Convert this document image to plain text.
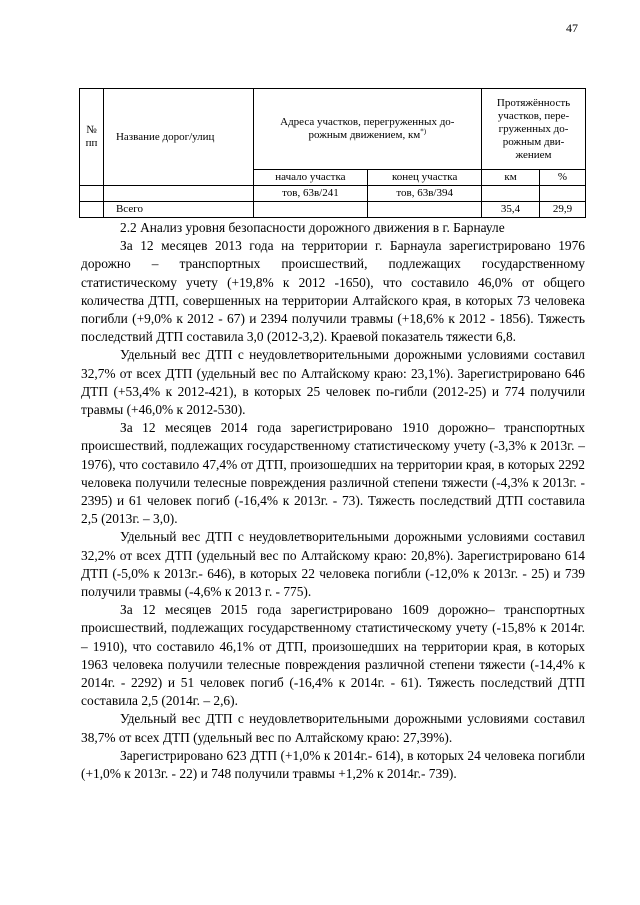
47
№ пп	Название дорог/улиц	Адреса участков, перегруженных до-рожным движением, км*)		Протяжённость участков, пере-груженных до-рожным дви-жением	
		начало участка	конец участка	км	%
		тов, 63в/241	тов, 63в/394		
	Всего			35,4	29,9

2.2 Анализ уровня безопасности дорожного движения в г. Барнауле

За 12 месяцев 2013 года на территории г. Барнаула зарегистрировано 1976 дорожно – транспортных происшествий, подлежащих государственному статистическому учету (+19,8% к 2012 -1650), что составило 46,0% от общего количества ДТП, совершенных на территории Алтайского края, в которых 73 человека погибли (+9,0% к 2012 - 67) и 2394 получили травмы (+18,6% к 2012 - 1856). Тяжесть последствий ДТП составила 3,0 (2012-3,2). Краевой показатель тяжести 6,8.

Удельный вес ДТП с неудовлетворительными дорожными условиями составил 32,7% от всех ДТП (удельный вес по Алтайскому краю: 23,1%). Зарегистрировано 646 ДТП (+53,4% к 2012-421), в которых 25 человек по-гибли (2012-25) и 774 получили травмы (+46,0% к 2012-530).

За 12 месяцев 2014 года зарегистрировано 1910 дорожно– транспортных происшествий, подлежащих государственному статистическому учету (-3,3% к 2013г. – 1976), что составило 47,4% от ДТП, произошедших на территории края, в которых 2292 человека получили телесные повреждения различной степени тяжести (-4,3% к 2013г. - 2395) и 61 человек погиб (-16,4% к 2013г. - 73). Тяжесть последствий ДТП составила 2,5 (2013г. – 3,0).

Удельный вес ДТП с неудовлетворительными дорожными условиями составил 32,2% от всех ДТП (удельный вес по Алтайскому краю: 20,8%). Зарегистрировано 614 ДТП (-5,0% к 2013г.- 646), в которых 22 человека погибли (-12,0% к 2013г. - 25) и 739 получили травмы (-4,6% к 2013 г. - 775).

За 12 месяцев 2015 года зарегистрировано 1609 дорожно– транспортных происшествий, подлежащих государственному статистическому учету (-15,8% к 2014г. – 1910), что составило 46,1% от ДТП, произошедших на территории края, в которых 1963 человека получили телесные повреждения различной степени тяжести (-14,4% к 2014г. - 2292) и 51 человек погиб (-16,4% к 2014г. - 61). Тяжесть последствий ДТП составила 2,5 (2014г. – 2,6).

Удельный вес ДТП с неудовлетворительными дорожными условиями составил 38,7% от всех ДТП (удельный вес по Алтайскому краю: 27,39%).

Зарегистрировано 623 ДТП (+1,0% к 2014г.- 614), в которых 24 человека погибли (+1,0% к 2013г. - 22) и 748 получили травмы +1,2% к 2014г.- 739).
